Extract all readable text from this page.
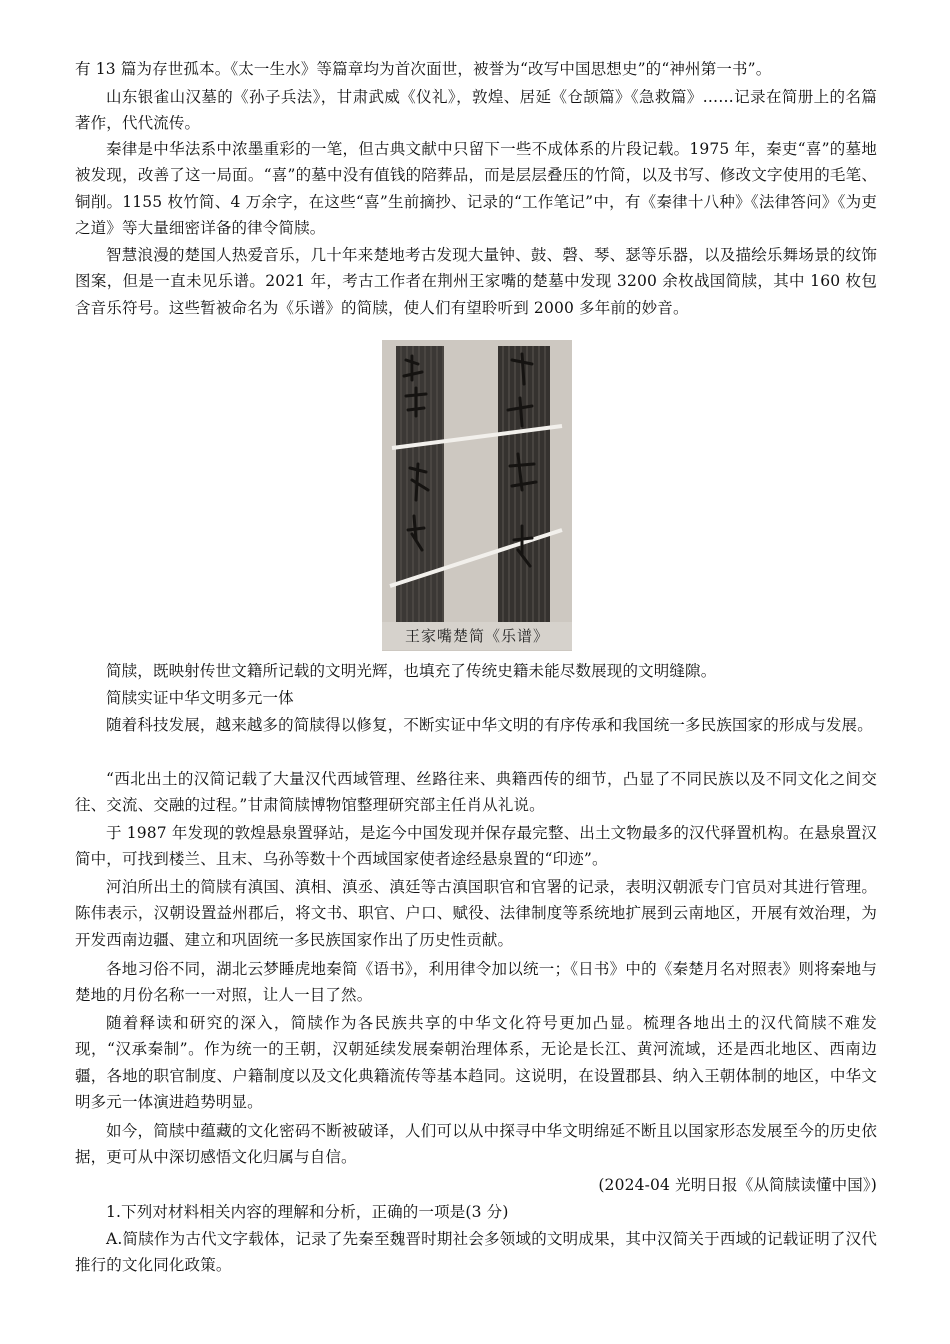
有 13 篇为存世孤本。《太一生水》等篇章均为首次面世，被誉为“改写中国思想史”的“神州第一书”。

山东银雀山汉墓的《孙子兵法》，甘肃武威《仪礼》，敦煌、居延《仓颉篇》《急救篇》……记录在简册上的名篇著作，代代流传。

秦律是中华法系中浓墨重彩的一笔，但古典文献中只留下一些不成体系的片段记载。1975 年，秦吏“喜”的墓地被发现，改善了这一局面。“喜”的墓中没有值钱的陪葬品，而是层层叠压的竹简，以及书写、修改文字使用的毛笔、铜削。1155 枚竹简、4 万余字，在这些“喜”生前摘抄、记录的“工作笔记”中，有《秦律十八种》《法律答问》《为吏之道》等大量细密详备的律令简牍。

智慧浪漫的楚国人热爱音乐，几十年来楚地考古发现大量钟、鼓、磬、琴、瑟等乐器，以及描绘乐舞场景的纹饰图案，但是一直未见乐谱。2021 年，考古工作者在荆州王家嘴的楚墓中发现 3200 余枚战国简牍，其中 160 枚包含音乐符号。这些暂被命名为《乐谱》的简牍，使人们有望聆听到 2000 多年前的妙音。

王家嘴楚简《乐谱》

简牍，既映射传世文籍所记载的文明光辉，也填充了传统史籍未能尽数展现的文明缝隙。

简牍实证中华文明多元一体

随着科技发展，越来越多的简牍得以修复，不断实证中华文明的有序传承和我国统一多民族国家的形成与发展。

“西北出土的汉简记载了大量汉代西域管理、丝路往来、典籍西传的细节，凸显了不同民族以及不同文化之间交往、交流、交融的过程。”甘肃简牍博物馆整理研究部主任肖从礼说。

于 1987 年发现的敦煌悬泉置驿站，是迄今中国发现并保存最完整、出土文物最多的汉代驿置机构。在悬泉置汉简中，可找到楼兰、且末、乌孙等数十个西域国家使者途经悬泉置的“印迹”。

河泊所出土的简牍有滇国、滇相、滇丞、滇廷等古滇国职官和官署的记录，表明汉朝派专门官员对其进行管理。陈伟表示，汉朝设置益州郡后，将文书、职官、户口、赋役、法律制度等系统地扩展到云南地区，开展有效治理，为开发西南边疆、建立和巩固统一多民族国家作出了历史性贡献。

各地习俗不同，湖北云梦睡虎地秦简《语书》，利用律令加以统一；《日书》中的《秦楚月名对照表》则将秦地与楚地的月份名称一一对照，让人一目了然。

随着释读和研究的深入，简牍作为各民族共享的中华文化符号更加凸显。梳理各地出土的汉代简牍不难发现，“汉承秦制”。作为统一的王朝，汉朝延续发展秦朝治理体系，无论是长江、黄河流域，还是西北地区、西南边疆，各地的职官制度、户籍制度以及文化典籍流传等基本趋同。这说明，在设置郡县、纳入王朝体制的地区，中华文明多元一体演进趋势明显。

如今，简牍中蕴藏的文化密码不断被破译，人们可以从中探寻中华文明绵延不断且以国家形态发展至今的历史依据，更可从中深切感悟文化归属与自信。

(2024-04 光明日报《从简牍读懂中国》)

1.下列对材料相关内容的理解和分析，正确的一项是(3 分)

A.简牍作为古代文字载体，记录了先秦至魏晋时期社会多领域的文明成果，其中汉简关于西域的记载证明了汉代推行的文化同化政策。
